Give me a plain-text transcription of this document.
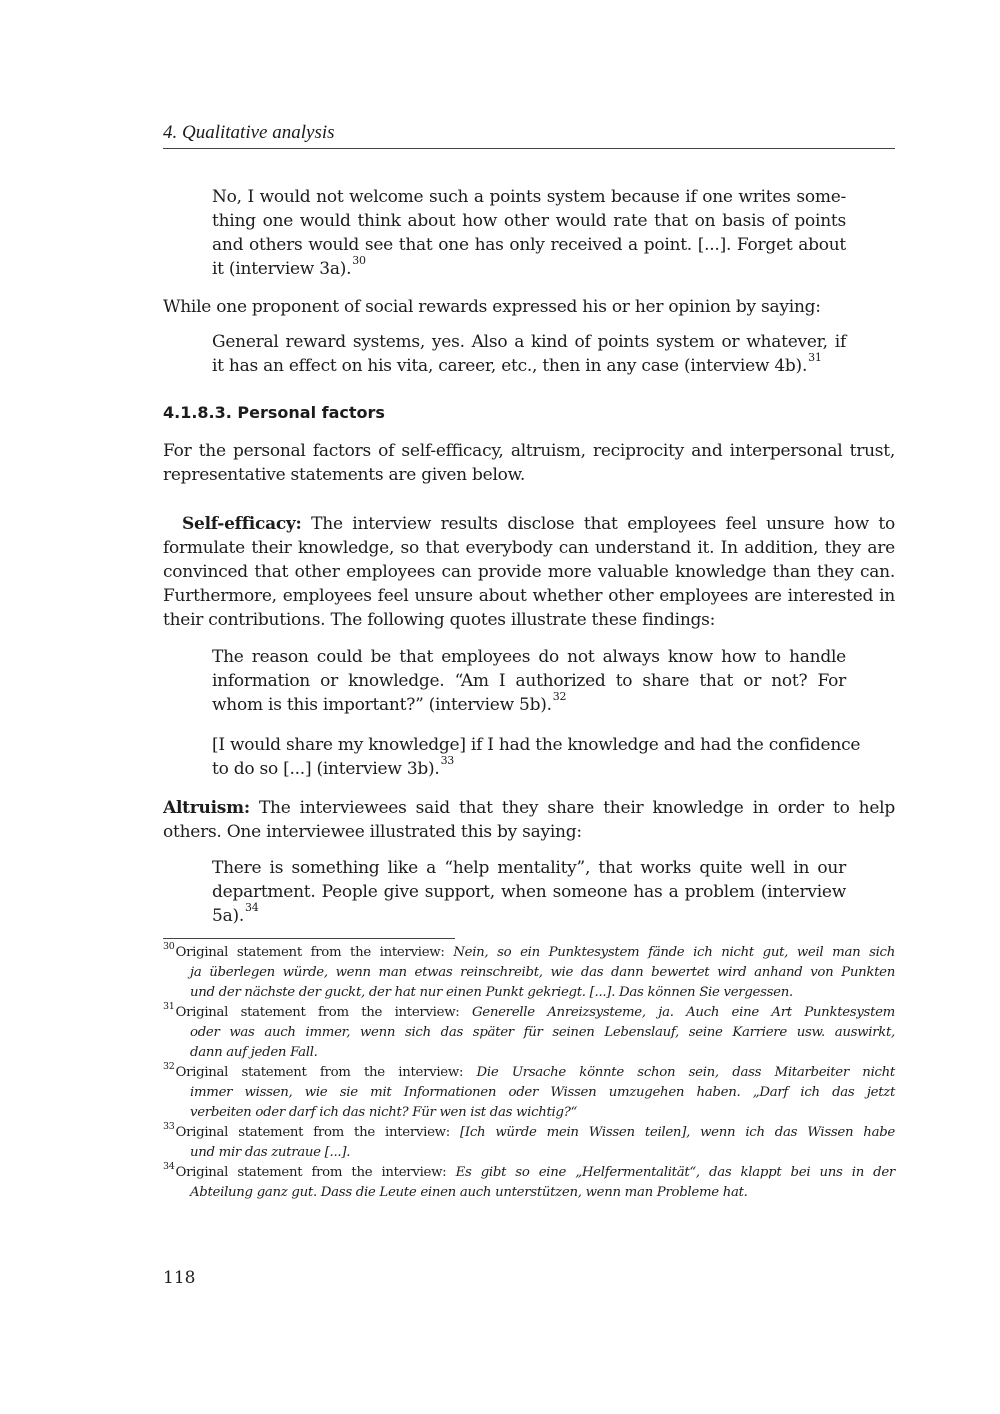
4. Qualitative analysis
No, I would not welcome such a points system because if one writes some-
thing one would think about how other would rate that on basis of points
and others would see that one has only received a point. [...]. Forget about
it (interview 3a).$^{30}$
While one proponent of social rewards expressed his or her opinion by saying:
General reward systems, yes. Also a kind of points system or whatever, if
it has an effect on his vita, career, etc., then in any case (interview 4b).$^{31}$
4.1.8.3. Personal factors
For the personal factors of self-efficacy, altruism, reciprocity and interpersonal trust,
representative statements are given below.
Self-efficacy: The interview results disclose that employees feel unsure how to
formulate their knowledge, so that everybody can understand it. In addition, they are
convinced that other employees can provide more valuable knowledge than they can.
Furthermore, employees feel unsure about whether other employees are interested in
their contributions. The following quotes illustrate these findings:
The reason could be that employees do not always know how to handle
information or knowledge. “Am I authorized to share that or not? For
whom is this important?” (interview 5b).$^{32}$
[I would share my knowledge] if I had the knowledge and had the confidence
to do so [...] (interview 3b).$^{33}$
Altruism: The interviewees said that they share their knowledge in order to help
others. One interviewee illustrated this by saying:
There is something like a “help mentality”, that works quite well in our
department. People give support, when someone has a problem (interview
5a).$^{34}$
$^{30}$Original statement from the interview: Nein, so ein Punktesystem fände ich nicht gut, weil man sich
ja überlegen würde, wenn man etwas reinschreibt, wie das dann bewertet wird anhand von Punkten
und der nächste der guckt, der hat nur einen Punkt gekriegt. [...]. Das können Sie vergessen.
$^{31}$Original statement from the interview: Generelle Anreizsysteme, ja. Auch eine Art Punktesystem
oder was auch immer, wenn sich das später für seinen Lebenslauf, seine Karriere usw. auswirkt,
dann auf jeden Fall.
$^{32}$Original statement from the interview: Die Ursache könnte schon sein, dass Mitarbeiter nicht
immer wissen, wie sie mit Informationen oder Wissen umzugehen haben. „Darf ich das jetzt
verbeiten oder darf ich das nicht? Für wen ist das wichtig?“
$^{33}$Original statement from the interview: [Ich würde mein Wissen teilen], wenn ich das Wissen habe
und mir das zutraue [...].
$^{34}$Original statement from the interview: Es gibt so eine „Helfermentalität“, das klappt bei uns in der
Abteilung ganz gut. Dass die Leute einen auch unterstützen, wenn man Probleme hat.
118
